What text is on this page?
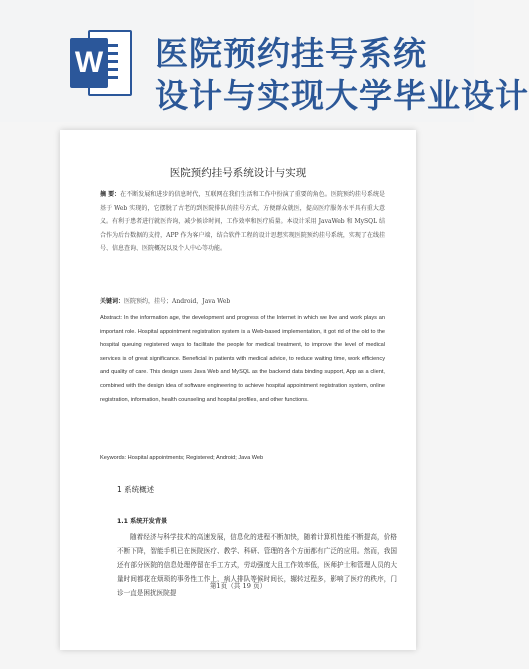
W 医院预约挂号系统
设计与实现大学毕业设计
医院预约挂号系统设计与实现
摘 要：在不断发展和进步的信息时代，互联网在我们生活和工作中扮演了重要的角色。医院预约挂号系统是基于 Web 实现的，它摆脱了古老的到医院排队的挂号方式，方便群众就医，提高医疗服务水平具有重大意义。有利于患者进行就医咨询，减少候诊时间，工作效率和医疗质量。本设计采用 JavaWeb 和 MySQL 结合作为后台数据的支持，APP 作为客户端，结合软件工程的设计思想实现医院预约挂号系统，实现了在线挂号、信息查询、医院概况以及个人中心等功能。
关键词：医院预约，挂号；Android，Java Web
Abstract: In the information age, the development and progress of the Internet in which we live and work plays an important role. Hospital appointment registration system is a Web-based implementation, it got rid of the old to the hospital queuing registered ways to facilitate the people for medical treatment, to improve the level of medical services is of great significance. Beneficial in patients with medical advice, to reduce waiting time, work efficiency and quality of care. This design uses Java Web and MySQL as the backend data binding support, App as a client, combined with the design idea of software engineering to achieve hospital appointment registration system, online registration, information, health counseling and hospital profiles, and other functions.
Keywords: Hospital appointments; Registered; Android; Java Web
1 系统概述
1.1 系统开发背景
随着经济与科学技术的高速发展，信息化的进程不断加快，随着计算机性能不断提高，价格不断下降，智能手机已在医院医疗、教学、科研、管理的各个方面都有广泛的应用。然而，我国还有部分医院的信息处理停留在手工方式，劳动强度大且工作效率低，医师护士和管理人员的大量时间都花在烦琐的事务性工作上，病人排队等候时间长，辗转过程多，影响了医疗的秩序，门诊一直是困扰医院提
第1页（共 19 页）
